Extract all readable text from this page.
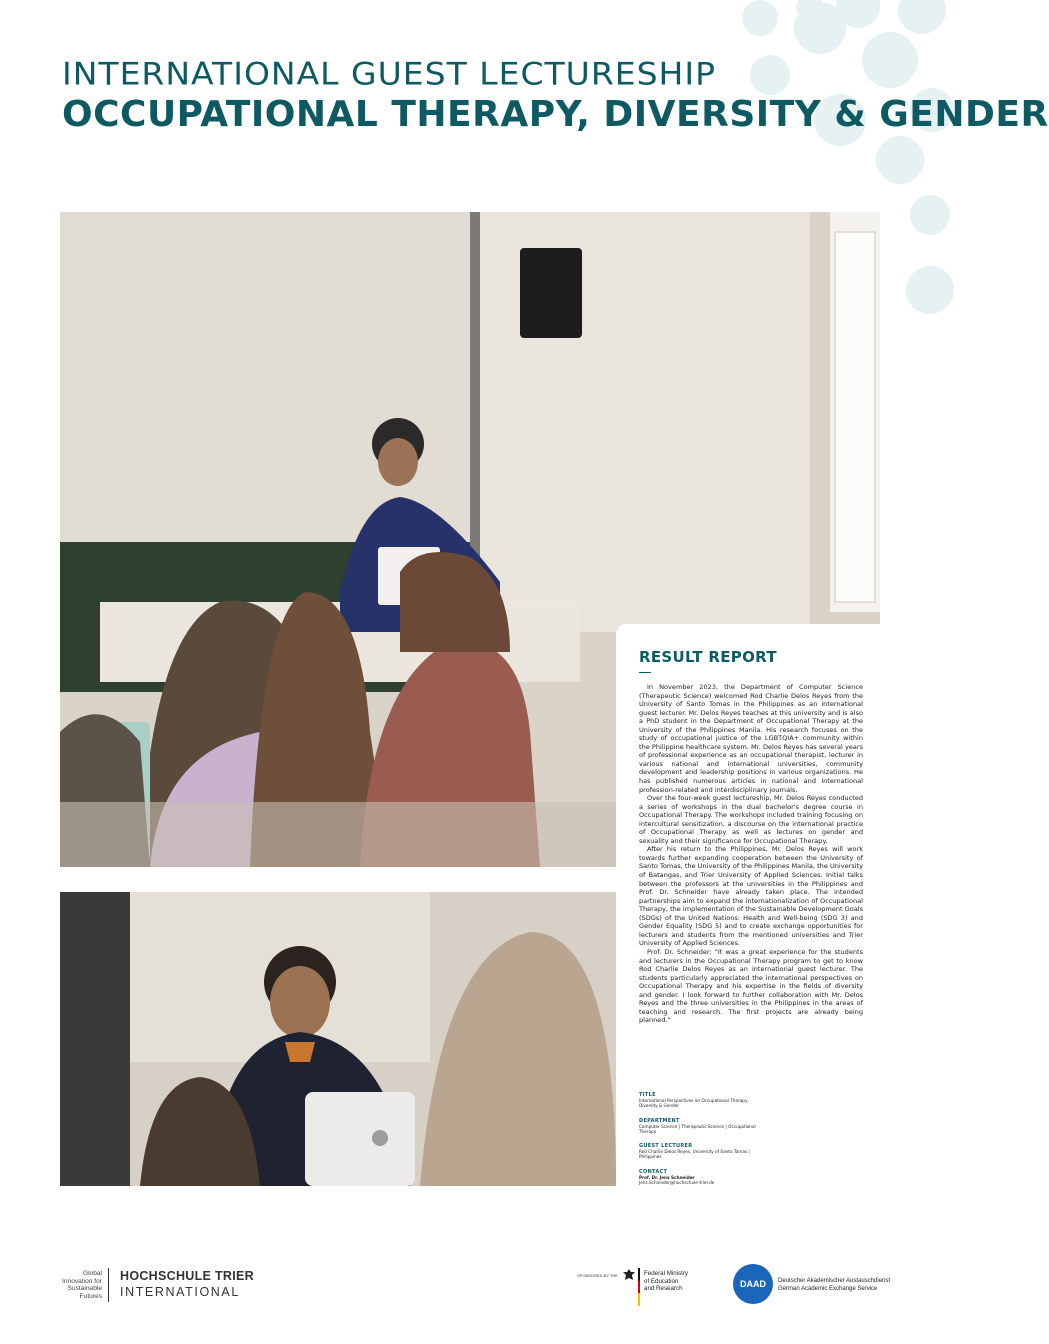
INTERNATIONAL GUEST LECTURESHIP
OCCUPATIONAL THERAPY, DIVERSITY & GENDER
RESULT REPORT

In November 2023, the Department of Computer Science (Therapeutic Science) welcomed Rod Charlie Delos Reyes from the University of Santo Tomas in the Philippines as an international guest lecturer. Mr. Delos Reyes teaches at this university and is also a PhD student in the Department of Occupational Therapy at the University of the Philippines Manila. His research focuses on the study of occupational justice of the LGBTQIA+ community within the Philippine healthcare system. Mr. Delos Reyes has several years of professional experience as an occupational therapist, lecturer in various national and international universities, community development and leadership positions in various organizations. He has published numerous articles in national and international profession-related and interdisciplinary journals.

Over the four-week guest lectureship, Mr. Delos Reyes conducted a series of workshops in the dual bachelor's degree course in Occupational Therapy. The workshops included training focusing on intercultural sensitization, a discourse on the international practice of Occupational Therapy as well as lectures on gender and sexuality and their significance for Occupational Therapy.

After his return to the Philippines, Mr. Delos Reyes will work towards further expanding cooperation between the University of Santo Tomas, the University of the Philippines Manila, the University of Batangas, and Trier University of Applied Sciences. Initial talks between the professors at the universities in the Philippines and Prof. Dr. Schneider have already taken place. The intended partnerships aim to expand the internationalization of Occupational Therapy, the implementation of the Sustainable Development Goals (SDGs) of the United Nations: Health and Well-being (SDG 3) and Gender Equality (SDG 5) and to create exchange opportunities for lecturers and students from the mentioned universities and Trier University of Applied Sciences.

Prof. Dr. Schneider: "It was a great experience for the students and lecturers in the Occupational Therapy program to get to know Rod Charlie Delos Reyes as an international guest lecturer. The students particularly appreciated the international perspectives on Occupational Therapy and his expertise in the fields of diversity and gender. I look forward to further collaboration with Mr. Delos Reyes and the three universities in the Philippines in the areas of teaching and research. The first projects are already being planned."

TITLE
International Perspectives on Occupational Therapy, Diversity & Gender
DEPARTMENT
Computer Science | Therapeutic Science | Occupational Therapy
GUEST LECTURER
Rod Charlie Delos Reyes, University of Santo Tomas | Philippines
CONTACT
Prof. Dr. Jens Schneider
Jens.Schneider@hochschule-trier.de
Global
Innovation for
Sustainable
Futures
HOCHSCHULE TRIER
INTERNATIONAL
SPONSORED BY THE	Federal Ministry
of Education
and Research	DAAD	Deutscher Akademischer Austauschdienst
German Academic Exchange Service
